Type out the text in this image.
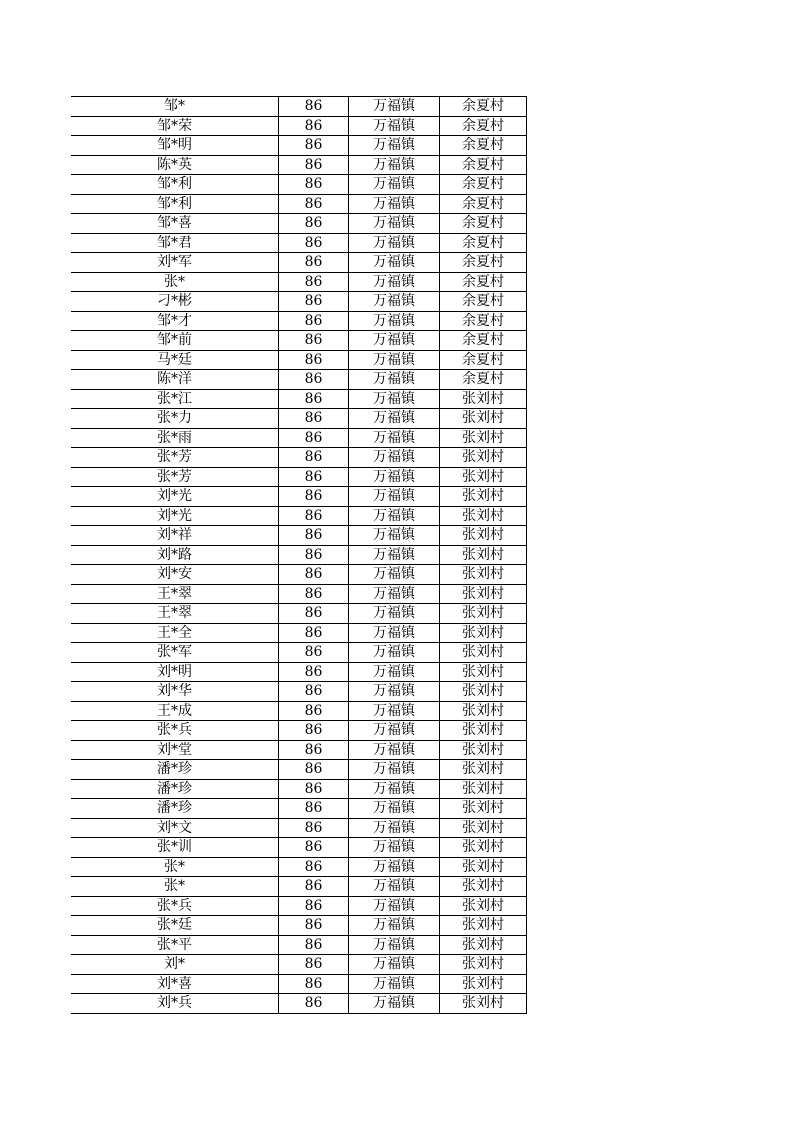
邹*	86	万福镇	余夏村
邹*荣	86	万福镇	余夏村
邹*明	86	万福镇	余夏村
陈*英	86	万福镇	余夏村
邹*利	86	万福镇	余夏村
邹*利	86	万福镇	余夏村
邹*喜	86	万福镇	余夏村
邹*君	86	万福镇	余夏村
刘*军	86	万福镇	余夏村
张*	86	万福镇	余夏村
刁*彬	86	万福镇	余夏村
邹*才	86	万福镇	余夏村
邹*前	86	万福镇	余夏村
马*廷	86	万福镇	余夏村
陈*洋	86	万福镇	余夏村
张*江	86	万福镇	张刘村
张*力	86	万福镇	张刘村
张*雨	86	万福镇	张刘村
张*芳	86	万福镇	张刘村
张*芳	86	万福镇	张刘村
刘*光	86	万福镇	张刘村
刘*光	86	万福镇	张刘村
刘*祥	86	万福镇	张刘村
刘*路	86	万福镇	张刘村
刘*安	86	万福镇	张刘村
王*翠	86	万福镇	张刘村
王*翠	86	万福镇	张刘村
王*全	86	万福镇	张刘村
张*军	86	万福镇	张刘村
刘*明	86	万福镇	张刘村
刘*华	86	万福镇	张刘村
王*成	86	万福镇	张刘村
张*兵	86	万福镇	张刘村
刘*堂	86	万福镇	张刘村
潘*珍	86	万福镇	张刘村
潘*珍	86	万福镇	张刘村
潘*珍	86	万福镇	张刘村
刘*文	86	万福镇	张刘村
张*训	86	万福镇	张刘村
张*	86	万福镇	张刘村
张*	86	万福镇	张刘村
张*兵	86	万福镇	张刘村
张*廷	86	万福镇	张刘村
张*平	86	万福镇	张刘村
刘*	86	万福镇	张刘村
刘*喜	86	万福镇	张刘村
刘*兵	86	万福镇	张刘村
